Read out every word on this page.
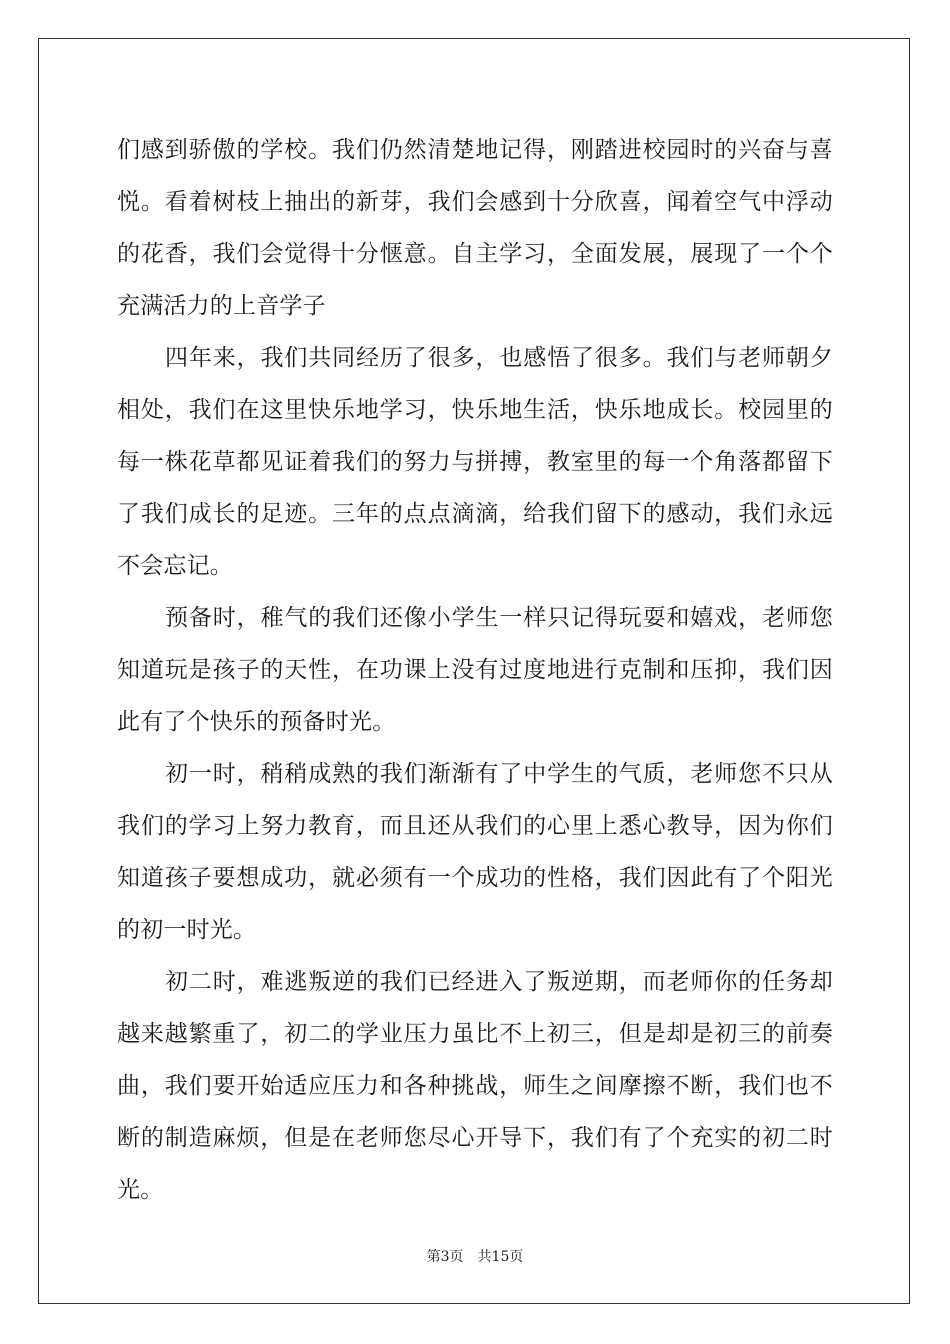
们感到骄傲的学校。我们仍然清楚地记得，刚踏进校园时的兴奋与喜
悦。看着树枝上抽出的新芽，我们会感到十分欣喜，闻着空气中浮动
的花香，我们会觉得十分惬意。自主学习，全面发展，展现了一个个
充满活力的上音学子
四年来，我们共同经历了很多，也感悟了很多。我们与老师朝夕
相处，我们在这里快乐地学习，快乐地生活，快乐地成长。校园里的
每一株花草都见证着我们的努力与拼搏，教室里的每一个角落都留下
了我们成长的足迹。三年的点点滴滴，给我们留下的感动，我们永远
不会忘记。
预备时，稚气的我们还像小学生一样只记得玩耍和嬉戏，老师您
知道玩是孩子的天性，在功课上没有过度地进行克制和压抑，我们因
此有了个快乐的预备时光。
初一时，稍稍成熟的我们渐渐有了中学生的气质，老师您不只从
我们的学习上努力教育，而且还从我们的心里上悉心教导，因为你们
知道孩子要想成功，就必须有一个成功的性格，我们因此有了个阳光
的初一时光。
初二时，难逃叛逆的我们已经进入了叛逆期，而老师你的任务却
越来越繁重了，初二的学业压力虽比不上初三，但是却是初三的前奏
曲，我们要开始适应压力和各种挑战，师生之间摩擦不断，我们也不
断的制造麻烦，但是在老师您尽心开导下，我们有了个充实的初二时
光。
第3页 共15页
